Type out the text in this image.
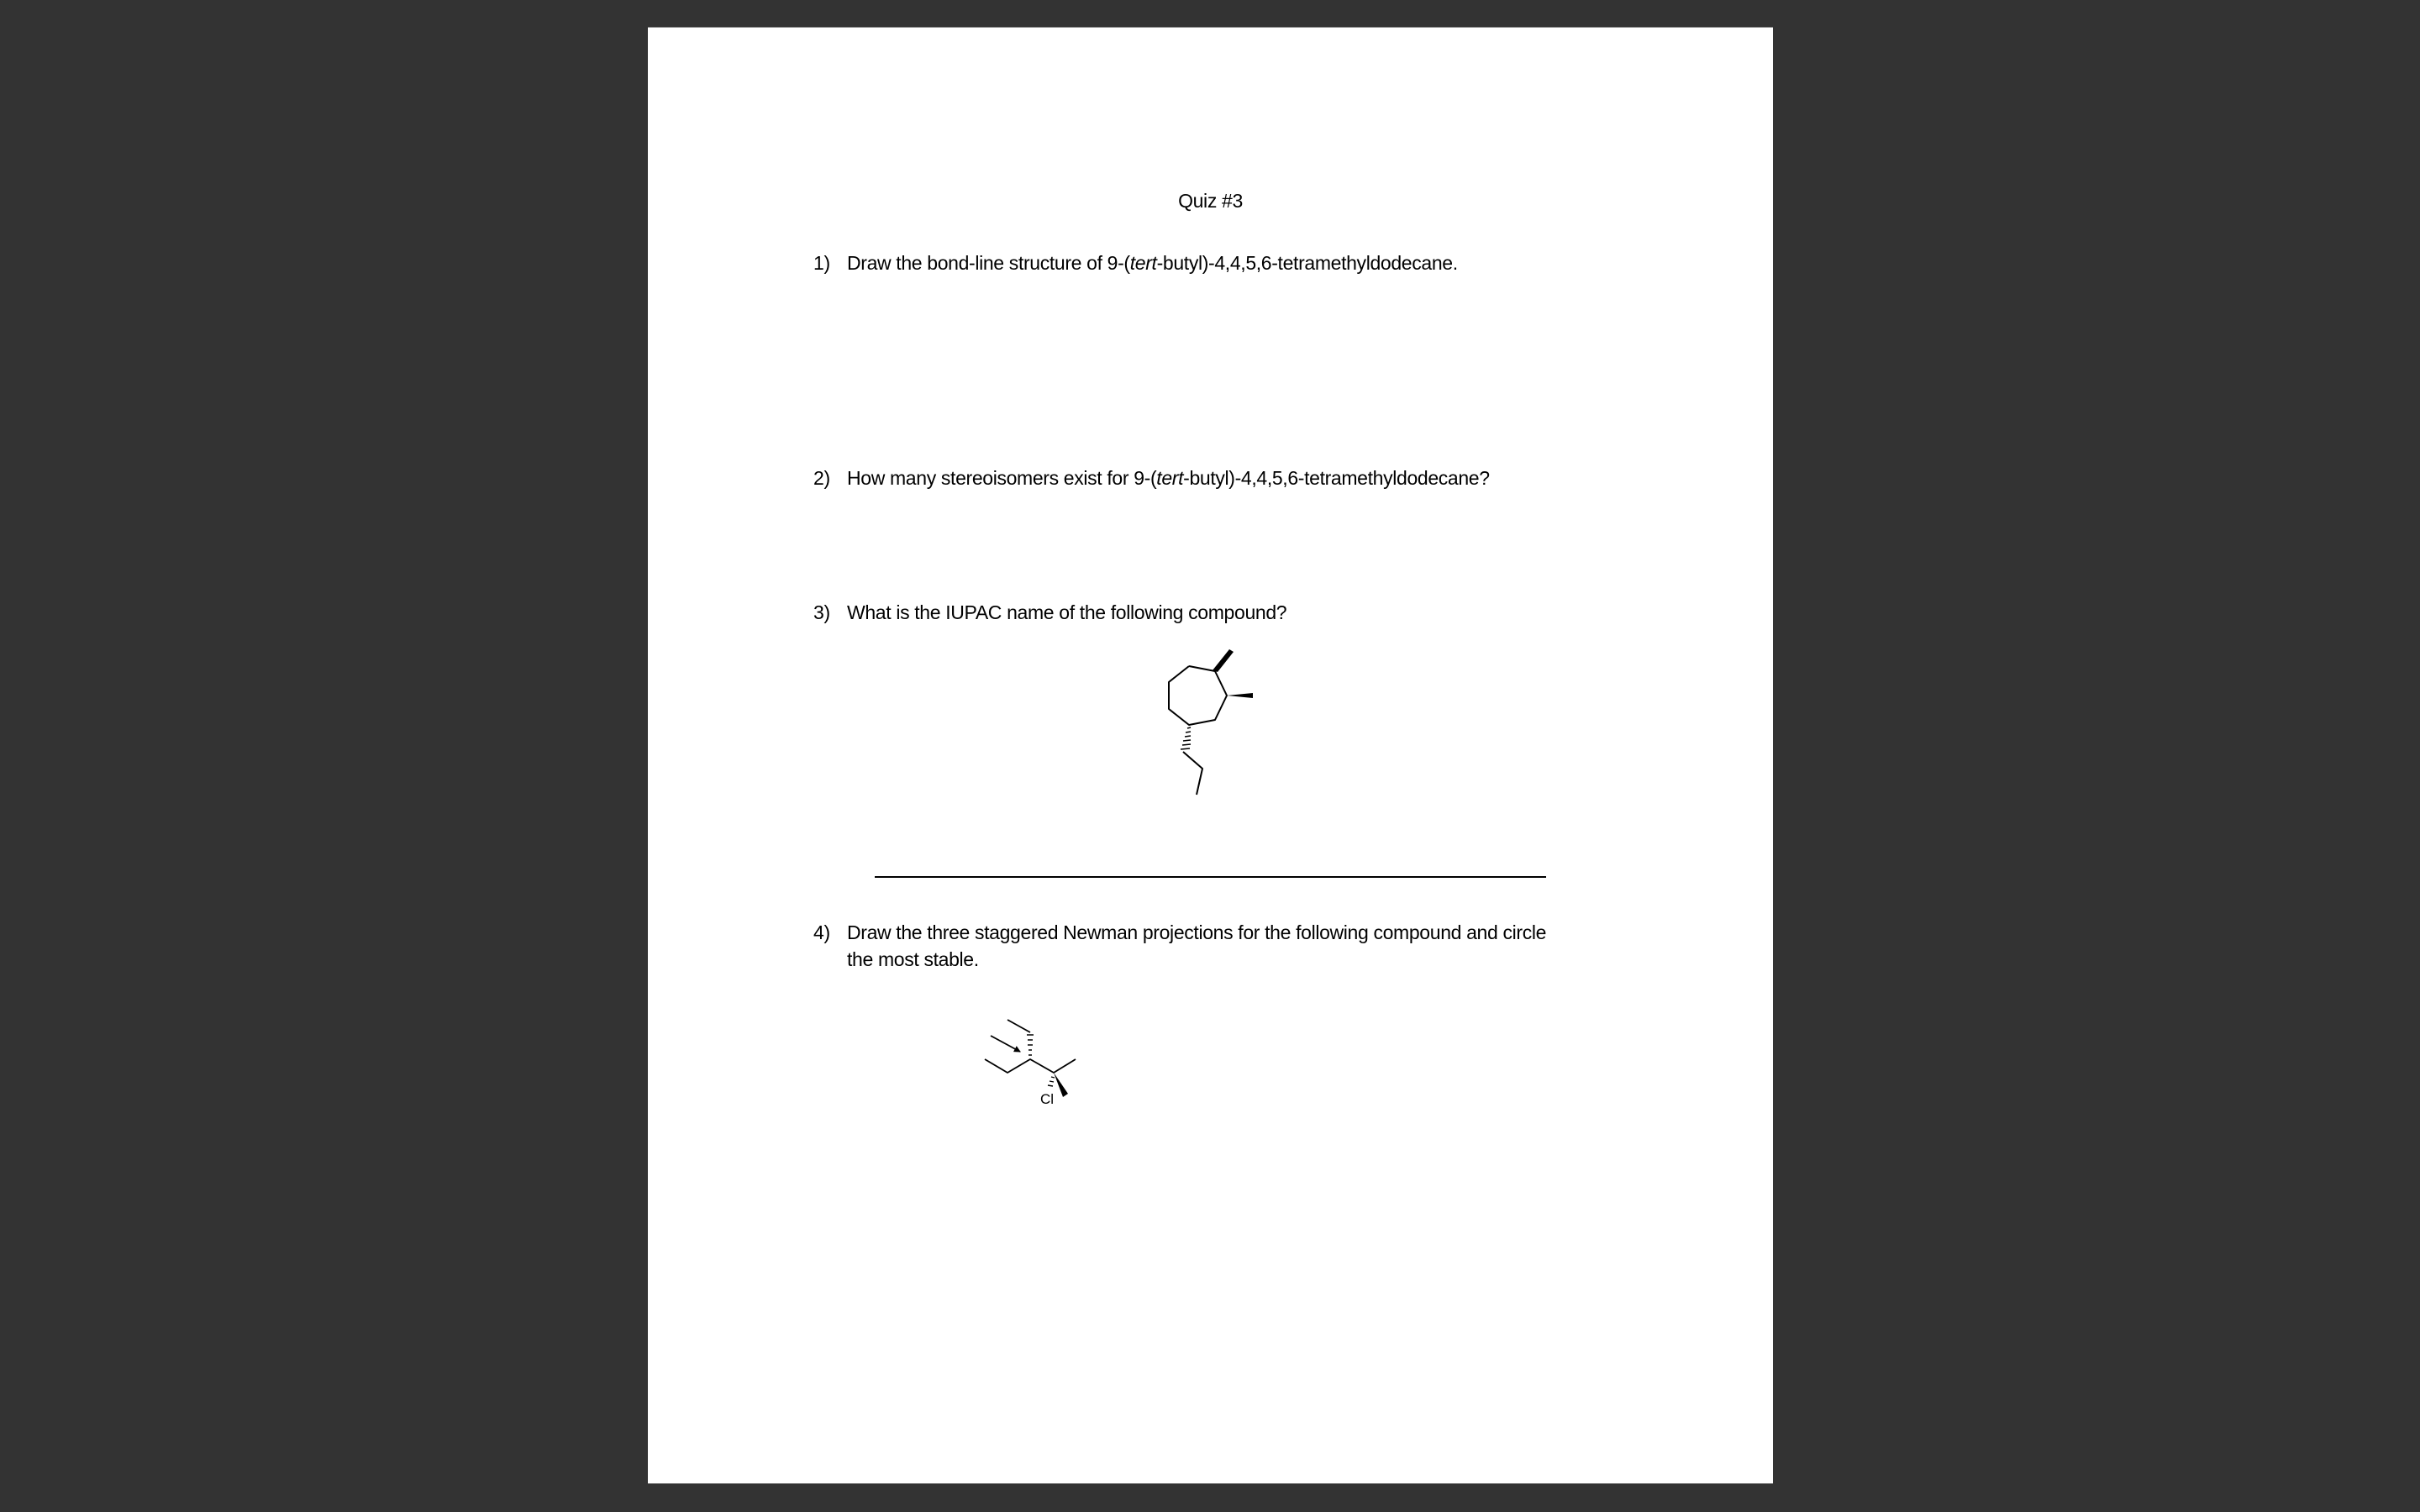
Quiz #3
1) Draw the bond-line structure of 9-(tert-butyl)-4,4,5,6-tetramethyldodecane.
2) How many stereoisomers exist for 9-(tert-butyl)-4,4,5,6-tetramethyldodecane?
3) What is the IUPAC name of the following compound?
4) Draw the three staggered Newman projections for the following compound and circle
the most stable.
Cl
